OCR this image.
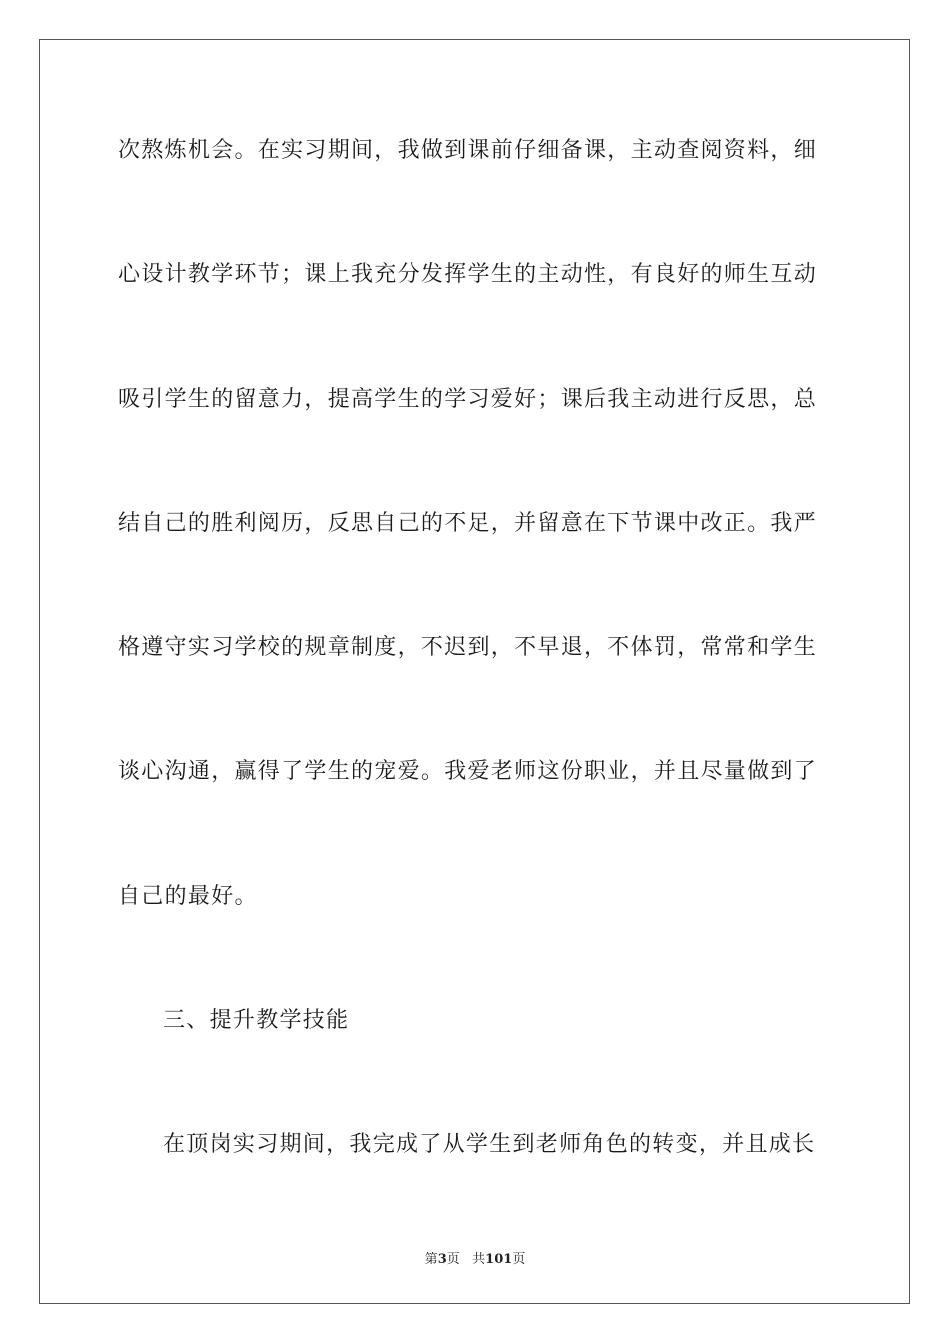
次熬炼机会。在实习期间，我做到课前仔细备课，主动查阅资料，细
心设计教学环节；课上我充分发挥学生的主动性，有良好的师生互动
吸引学生的留意力，提高学生的学习爱好；课后我主动进行反思，总
结自己的胜利阅历，反思自己的不足，并留意在下节课中改正。我严
格遵守实习学校的规章制度，不迟到，不早退，不体罚，常常和学生
谈心沟通，赢得了学生的宠爱。我爱老师这份职业，并且尽量做到了
自己的最好。
三、提升教学技能
在顶岗实习期间，我完成了从学生到老师角色的转变，并且成长
第3页 共101页
